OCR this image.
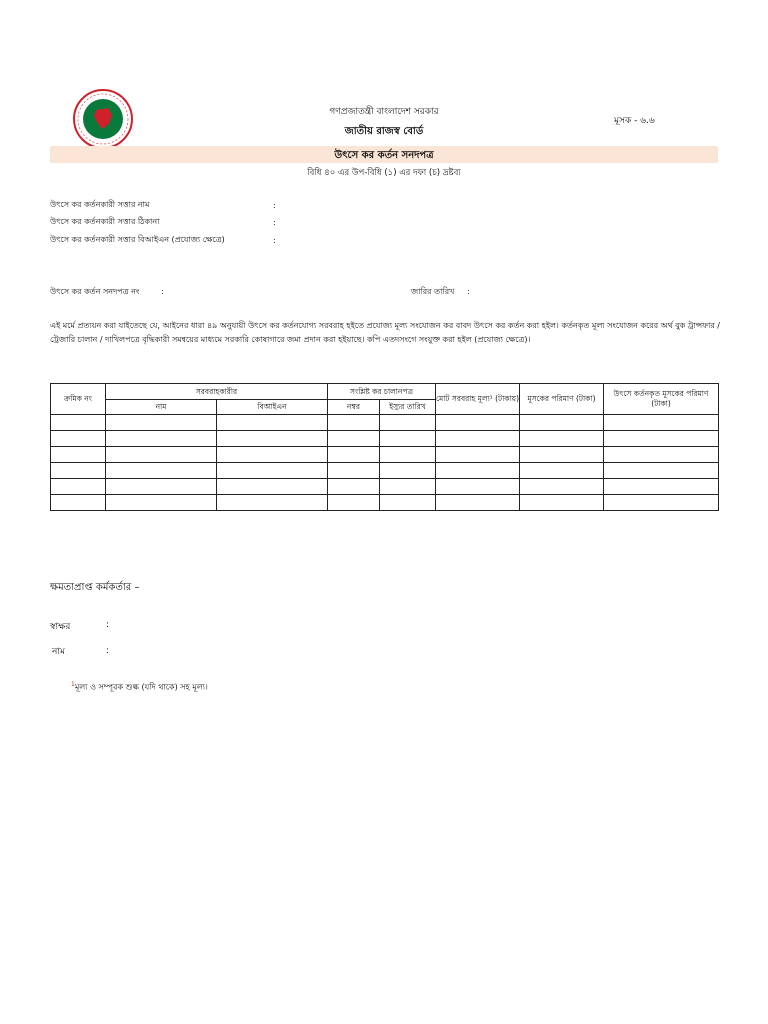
গণপ্রজাতন্ত্রী বাংলাদেশ সরকার
জাতীয় রাজস্ব বোর্ড
মূসক - ৬.৬
উৎসে কর কর্তন সনদপত্র
বিধি ৪০ এর উপ-বিধি (১) এর দফা (চ) দ্রষ্টব্য
উৎসে কর কর্তনকারী সত্তার নাম	:
উৎসে কর কর্তনকারী সত্তার ঠিকানা	:
উৎসে কর কর্তনকারী সত্তার বিআইএন (প্রযোজ্য ক্ষেত্রে)	:
উৎসে কর কর্তন সনদপত্র নং	:	জারির তারিখ :
এই মর্মে প্রত্যয়ন করা যাইতেছে যে, আইনের ধারা ৪৯ অনুযায়ী উৎসে কর কর্তনযোগ্য সরবরাহ হইতে প্রযোজ্য মূল্য সংযোজন কর বাবদ উৎসে কর কর্তন করা হইল। কর্তনকৃত মূল্য সংযোজন করের অর্থ বুক ট্রান্সফার / ট্রেজারি চালান / দাখিলপত্রে বৃদ্ধিকারী সমন্বয়ের মাধ্যমে সরকারি কোষাগারে জমা প্রদান করা হইয়াছে। কপি এতদসংগে সংযুক্ত করা হইল (প্রযোজ্য ক্ষেত্রে)।
ক্রমিক নং	সরবরাহকারীর		সংশ্লিষ্ট কর চালানপত্র		মোট সরবরাহ মূল্য¹ (টাকায়)	মূসকের পরিমাণ (টাকা)	উৎসে কর্তনকৃত মূসকের পরিমাণ (টাকা)
	নাম	বিআইএন	নম্বর	ইস্যুর তারিখ			

ক্ষমতাপ্রাপ্ত কর্মকর্তার –
স্বাক্ষর	:
নাম	:
$^1$মূল্য ও সম্পূরক শুল্ক (যদি থাকে) সহ মূল্য।
